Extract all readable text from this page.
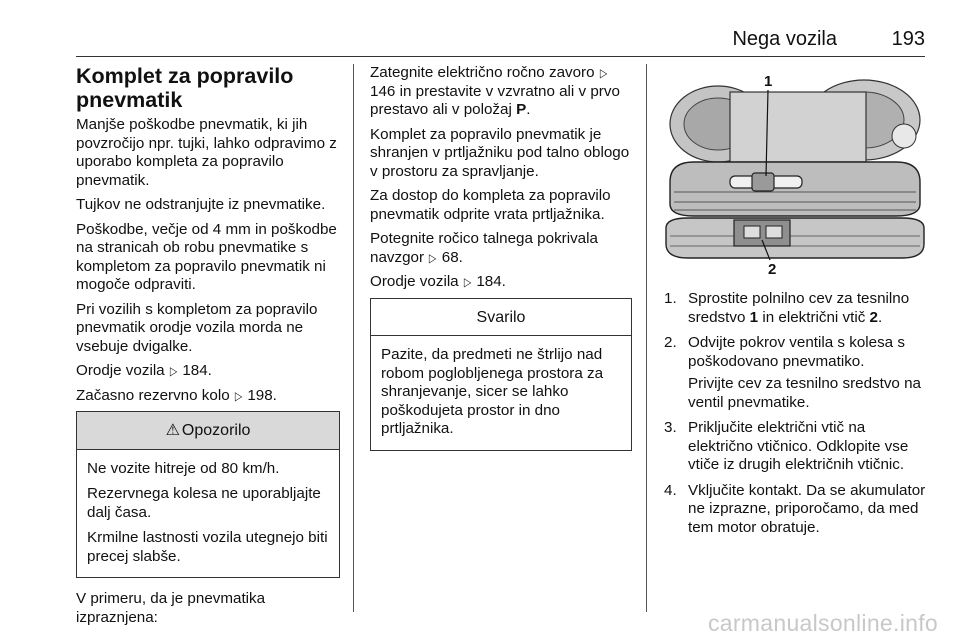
Nega vozila	193
Komplet za popravilo pnevmatik

Manjše poškodbe pnevmatik, ki jih povzročijo npr. tujki, lahko odpravimo z uporabo kompleta za popravilo pnevmatik.

Tujkov ne odstranjujte iz pnevmatike.

Poškodbe, večje od 4 mm in poškodbe na stranicah ob robu pnevmatike s kompletom za popravilo pnevmatik ni mogoče odpraviti.

Pri vozilih s kompletom za popravilo pnevmatik orodje vozila morda ne vsebuje dvigalke.

Orodje vozila ▷ 184.

Začasno rezervno kolo ▷ 198.

⚠ Opozorilo

Ne vozite hitreje od 80 km/h.

Rezervnega kolesa ne uporabljajte dalj časa.

Krmilne lastnosti vozila utegnejo biti precej slabše.

V primeru, da je pnevmatika izpraznjena:

Zategnite električno ročno zavoro ▷ 146 in prestavite v vzvratno ali v prvo prestavo ali v položaj P.

Komplet za popravilo pnevmatik je shranjen v prtljažniku pod talno oblogo v prostoru za spravljanje.

Za dostop do kompleta za popravilo pnevmatik odprite vrata prtljažnika.

Potegnite ročico talnega pokrivala navzgor ▷ 68.

Orodje vozila ▷ 184.

Svarilo

Pazite, da predmeti ne štrlijo nad robom poglobljenega prostora za shranjevanje, sicer se lahko poškodujeta prostor in dno prtljažnika.

1
2
1. Sprostite polnilno cev za tesnilno sredstvo 1 in električni vtič 2.
2. Odvijte pokrov ventila s kolesa s poškodovano pnevmatiko.

Privijte cev za tesnilno sredstvo na ventil pnevmatike.

3. Priključite električni vtič na električno vtičnico. Odklopite vse vtiče iz drugih električnih vtičnic.
4. Vključite kontakt. Da se akumulator ne izprazne, priporočamo, da med tem motor obratuje.
carmanualsonline.info
